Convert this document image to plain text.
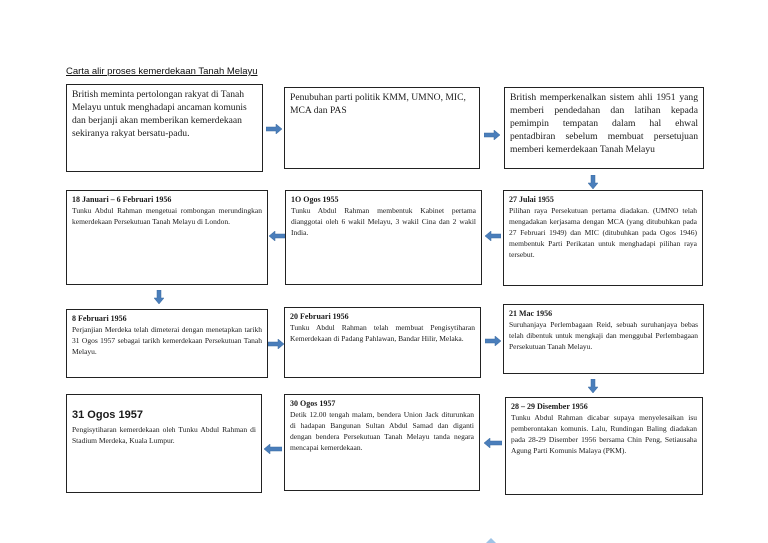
Carta alir proses kemerdekaan Tanah Melayu
British meminta pertolongan rakyat di Tanah Melayu untuk menghadapi ancaman komunis dan berjanji akan memberikan kemerdekaan sekiranya rakyat bersatu-padu.
Penubuhan parti politik KMM, UMNO, MIC, MCA dan PAS
British memperkenalkan sistem ahli 1951 yang memberi pendedahan dan latihan kepada pemimpin tempatan dalam hal ehwal pentadbiran sebelum membuat persetujuan memberi kemerdekaan Tanah Melayu
18 Januari – 6 Februari 1956
Tunku Abdul Rahman mengetuai rombongan merundingkan kemerdekaan Persekutuan Tanah Melayu di London.
1O Ogos 1955
Tunku Abdul Rahman membentuk Kabinet pertama dianggotai oleh 6 wakil Melayu, 3 wakil Cina dan 2 wakil India.
27 Julai 1955
Pilihan raya Persekutuan pertama diadakan. (UMNO telah mengadakan kerjasama dengan MCA (yang ditubuhkan pada 27 Februari 1949) dan MIC (ditubuhkan pada Ogos 1946) membentuk Parti Perikatan untuk menghadapi pilihan raya tersebut.
8 Februari 1956
Perjanjian Merdeka telah dimeterai dengan menetapkan tarikh 31 Ogos 1957 sebagai tarikh kemerdekaan Persekutuan Tanah Melayu.
20 Februari 1956
Tunku Abdul Rahman telah membuat Pengisytiharan Kemerdekaan di Padang Pahlawan, Bandar Hilir, Melaka.
21 Mac 1956
Suruhanjaya Perlembagaan Reid, sebuah suruhanjaya bebas telah dibentuk untuk mengkaji dan menggubal Perlembagaan Persekutuan Tanah Melayu.
31 Ogos 1957
Pengisytiharan kemerdekaan oleh Tunku Abdul Rahman di Stadium Merdeka, Kuala Lumpur.
30 Ogos 1957
Detik 12.00 tengah malam, bendera Union Jack diturunkan di hadapan Bangunan Sultan Abdul Samad dan diganti dengan bendera Persekutuan Tanah Melayu tanda negara mencapai kemerdekaan.
28 – 29 Disember 1956
Tunku Abdul Rahman dicabar supaya menyelesaikan isu pemberontakan komunis. Lalu, Rundingan Baling diadakan pada 28-29 Disember 1956 bersama Chin Peng, Setiausaha Agung Parti Komunis Malaya (PKM).
